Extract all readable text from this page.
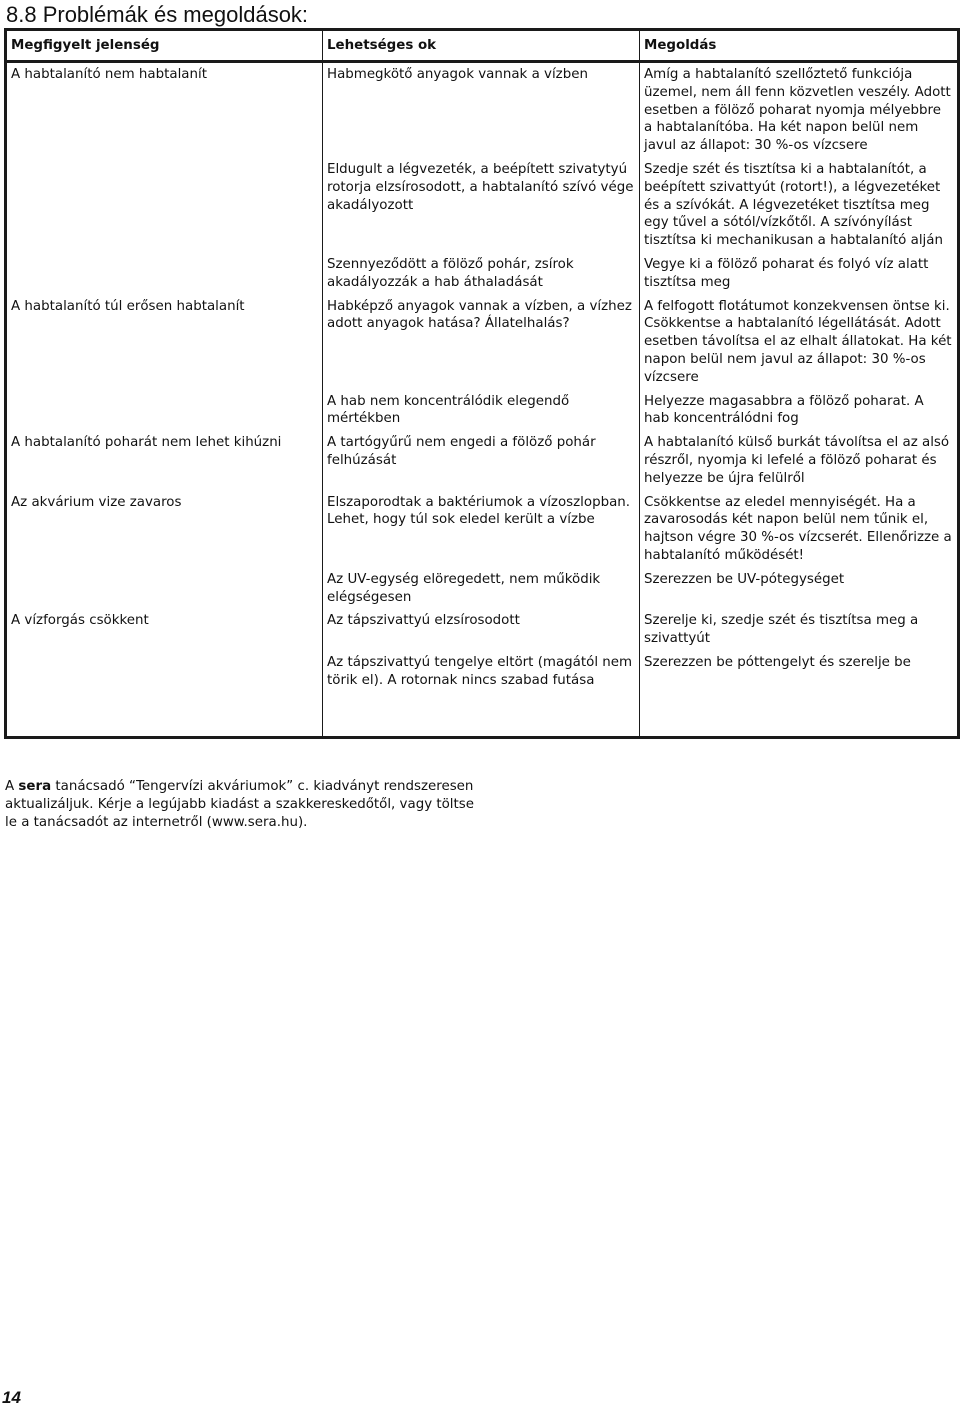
8.8 Problémák és megoldások:
Megfigyelt jelenség	Lehetséges ok	Megoldás
A habtalanító nem habtalanít	Habmegkötő anyagok vannak a vízben	Amíg a habtalanító szellőztető funkciója üzemel, nem áll fenn közvetlen veszély. Adott esetben a fölöző poharat nyomja mélyebbre a habtalanítóba. Ha két napon belül nem javul az állapot: 30 %-os vízcsere
	Eldugult a légvezeték, a beépített szivatytyú rotorja elzsírosodott, a habtalanító szívó vége akadályozott	Szedje szét és tisztítsa ki a habtalanítót, a beépített szivattyút (rotort!), a légvezetéket és a szívókát. A légvezetéket tisztítsa meg egy tűvel a sótól/vízkőtől. A szívónyílást tisztítsa ki mechanikusan a habtalanító alján
	Szennyeződött a fölöző pohár, zsírok akadályozzák a hab áthaladását	Vegye ki a fölöző poharat és folyó víz alatt tisztítsa meg
A habtalanító túl erősen habtalanít	Habképző anyagok vannak a vízben, a vízhez adott anyagok hatása? Állatelhalás?	A felfogott flotátumot konzekvensen öntse ki. Csökkentse a habtalanító légellátását. Adott esetben távolítsa el az elhalt állatokat. Ha két napon belül nem javul az állapot: 30 %-os vízcsere
	A hab nem koncentrálódik elegendő mértékben	Helyezze magasabbra a fölöző poharat. A hab koncentrálódni fog
A habtalanító poharát nem lehet kihúzni	A tartógyűrű nem engedi a fölöző pohár felhúzását	A habtalanító külső burkát távolítsa el az alsó részről, nyomja ki lefelé a fölöző poharat és helyezze be újra felülről
Az akvárium vize zavaros	Elszaporodtak a baktériumok a vízoszlopban. Lehet, hogy túl sok eledel került a vízbe	Csökkentse az eledel mennyiségét. Ha a zavarosodás két napon belül nem tűnik el, hajtson végre 30 %-os vízcserét. Ellenőrizze a habtalanító működését!
	Az UV-egység elöregedett, nem működik elégségesen	Szerezzen be UV-pótegységet
A vízforgás csökkent	Az tápszivattyú elzsírosodott	Szerelje ki, szedje szét és tisztítsa meg a szivattyút
	Az tápszivattyú tengelye eltört (magától nem törik el). A rotornak nincs szabad futása	Szerezzen be póttengelyt és szerelje be
A sera tanácsadó “Tengervízi akváriumok” c. kiadványt rendszeresen aktualizáljuk. Kérje a legújabb kiadást a szakkereskedőtől, vagy töltse le a tanácsadót az internetről (www.sera.hu).
14
